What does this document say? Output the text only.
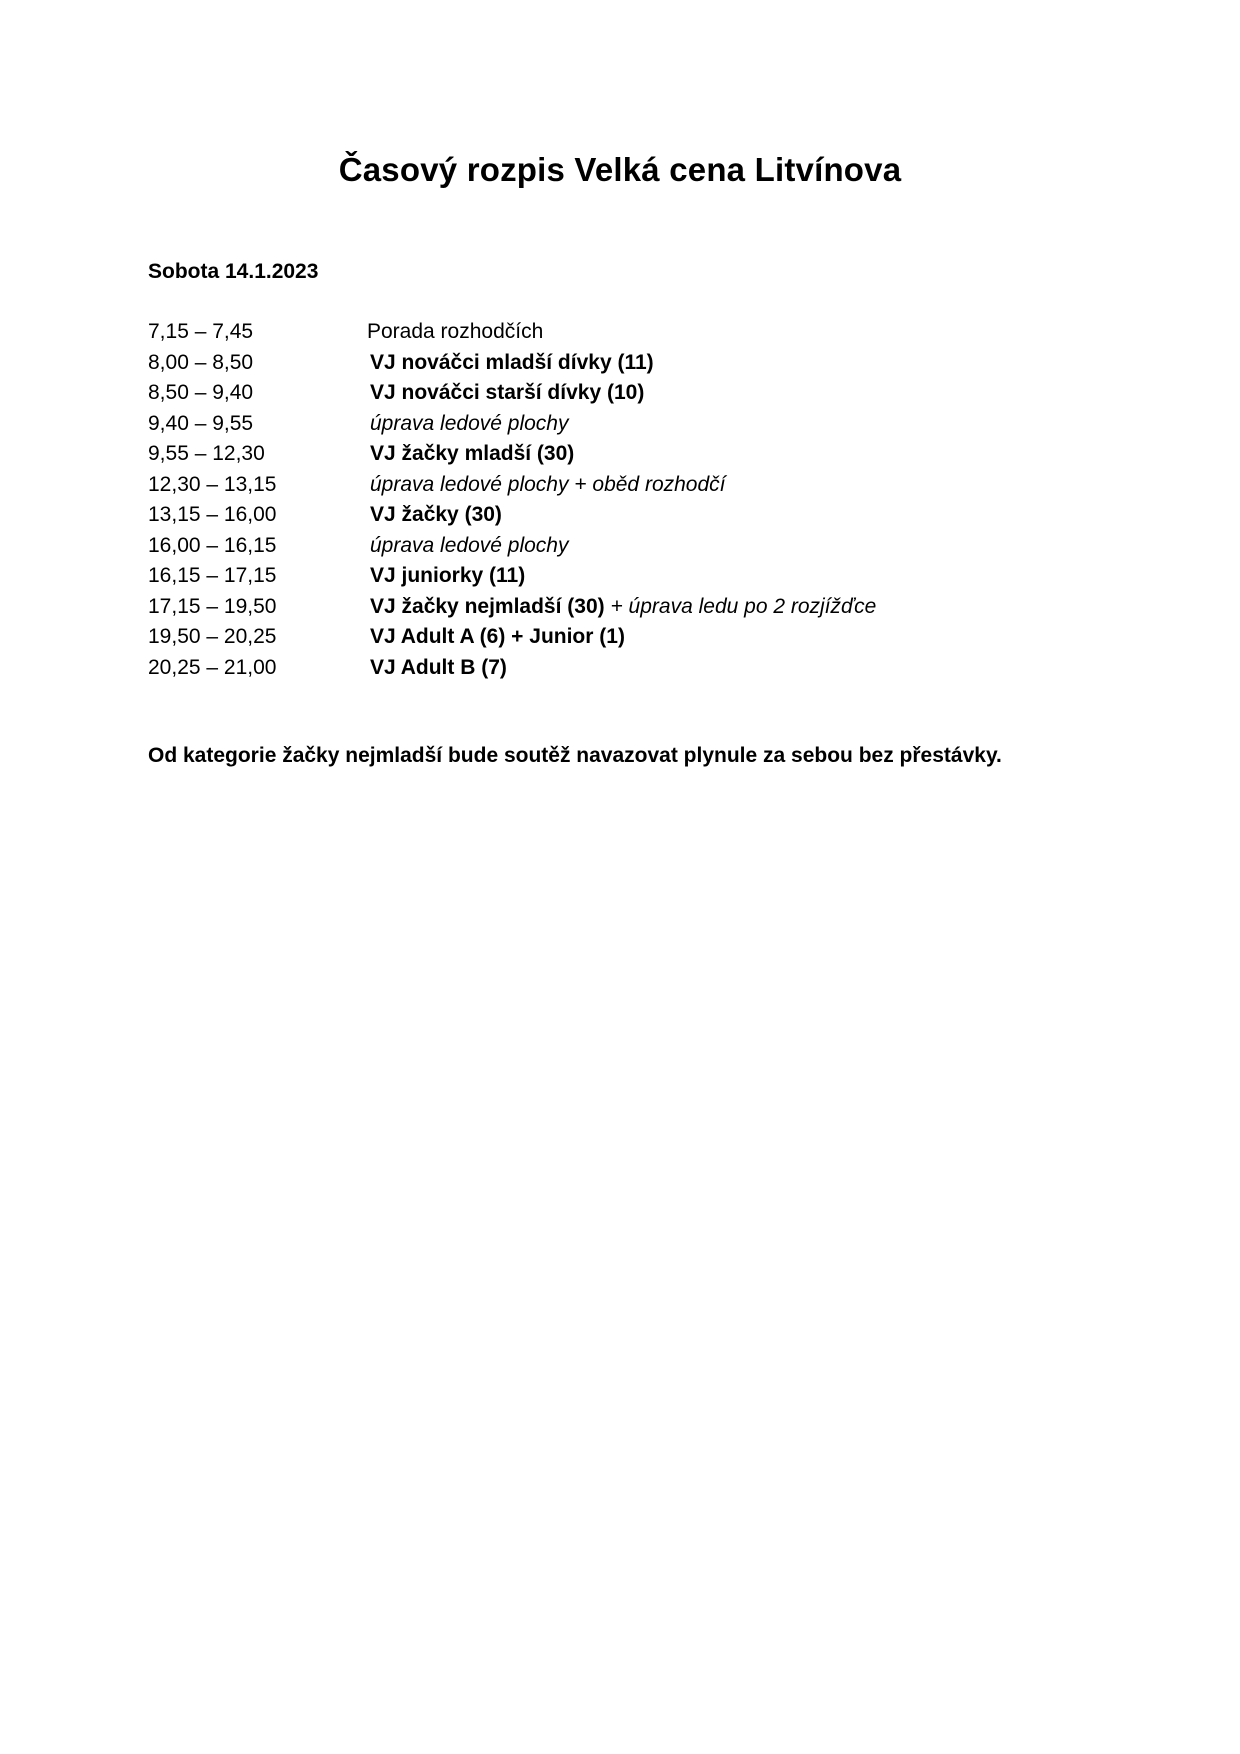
Časový rozpis Velká cena Litvínova
Sobota 14.1.2023
7,15 – 7,45	Porada rozhodčích
8,00 – 8,50	VJ nováčci mladší dívky (11)
8,50 – 9,40	VJ nováčci starší dívky (10)
9,40 – 9,55	úprava ledové plochy
9,55 – 12,30	VJ žačky mladší (30)
12,30 – 13,15	úprava ledové plochy + oběd rozhodčí
13,15 – 16,00	VJ žačky (30)
16,00 – 16,15	úprava ledové plochy
16,15 – 17,15	VJ juniorky (11)
17,15 – 19,50	VJ žačky nejmladší (30) + úprava ledu po 2 rozjížďce
19,50 – 20,25	VJ Adult A (6) + Junior (1)
20,25 – 21,00	VJ Adult B (7)
Od kategorie žačky nejmladší bude soutěž navazovat plynule za sebou bez přestávky.
